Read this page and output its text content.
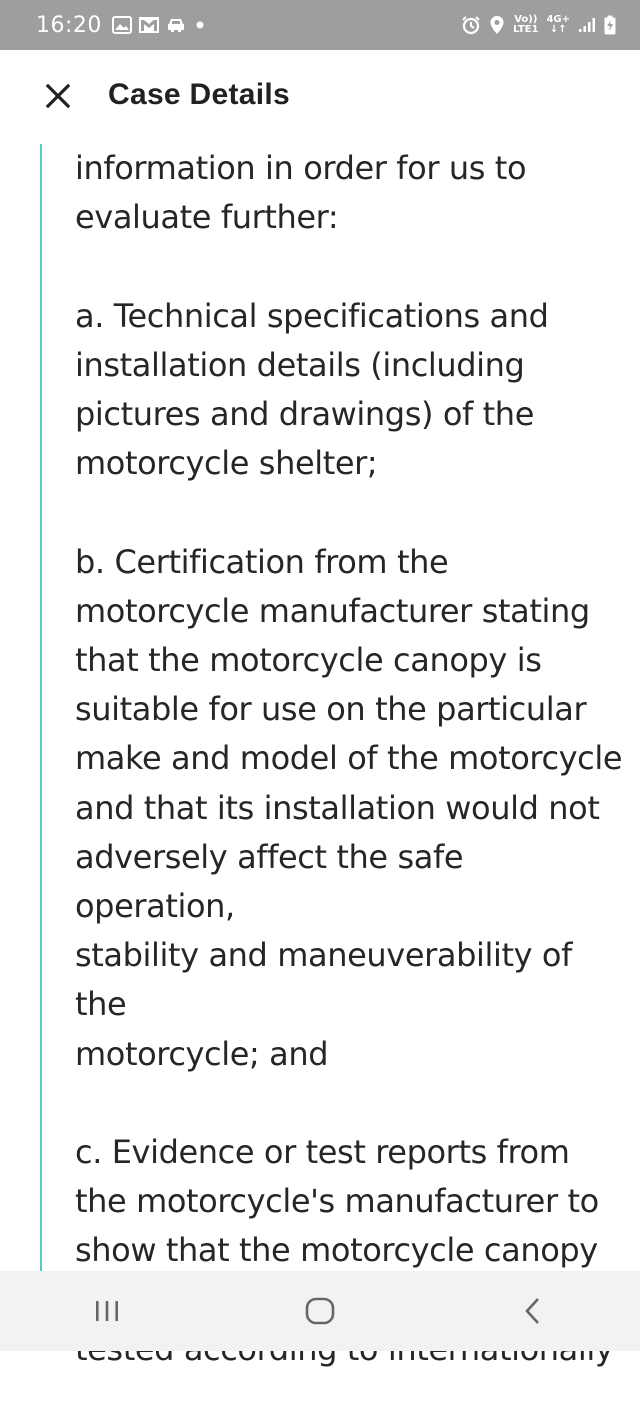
16:20	Vo))
LTE1
4G+
↓↑
Case Details

information in order for us to
evaluate further:

a. Technical specifications and
installation details (including
pictures and drawings) of the
motorcycle shelter;

b. Certification from the
motorcycle manufacturer stating
that the motorcycle canopy is
suitable for use on the particular
make and model of the motorcycle
and that its installation would not
adversely affect the safe operation,
stability and maneuverability of the
motorcycle; and

c. Evidence or test reports from
the motorcycle's manufacturer to
show that the motorcycle canopy
